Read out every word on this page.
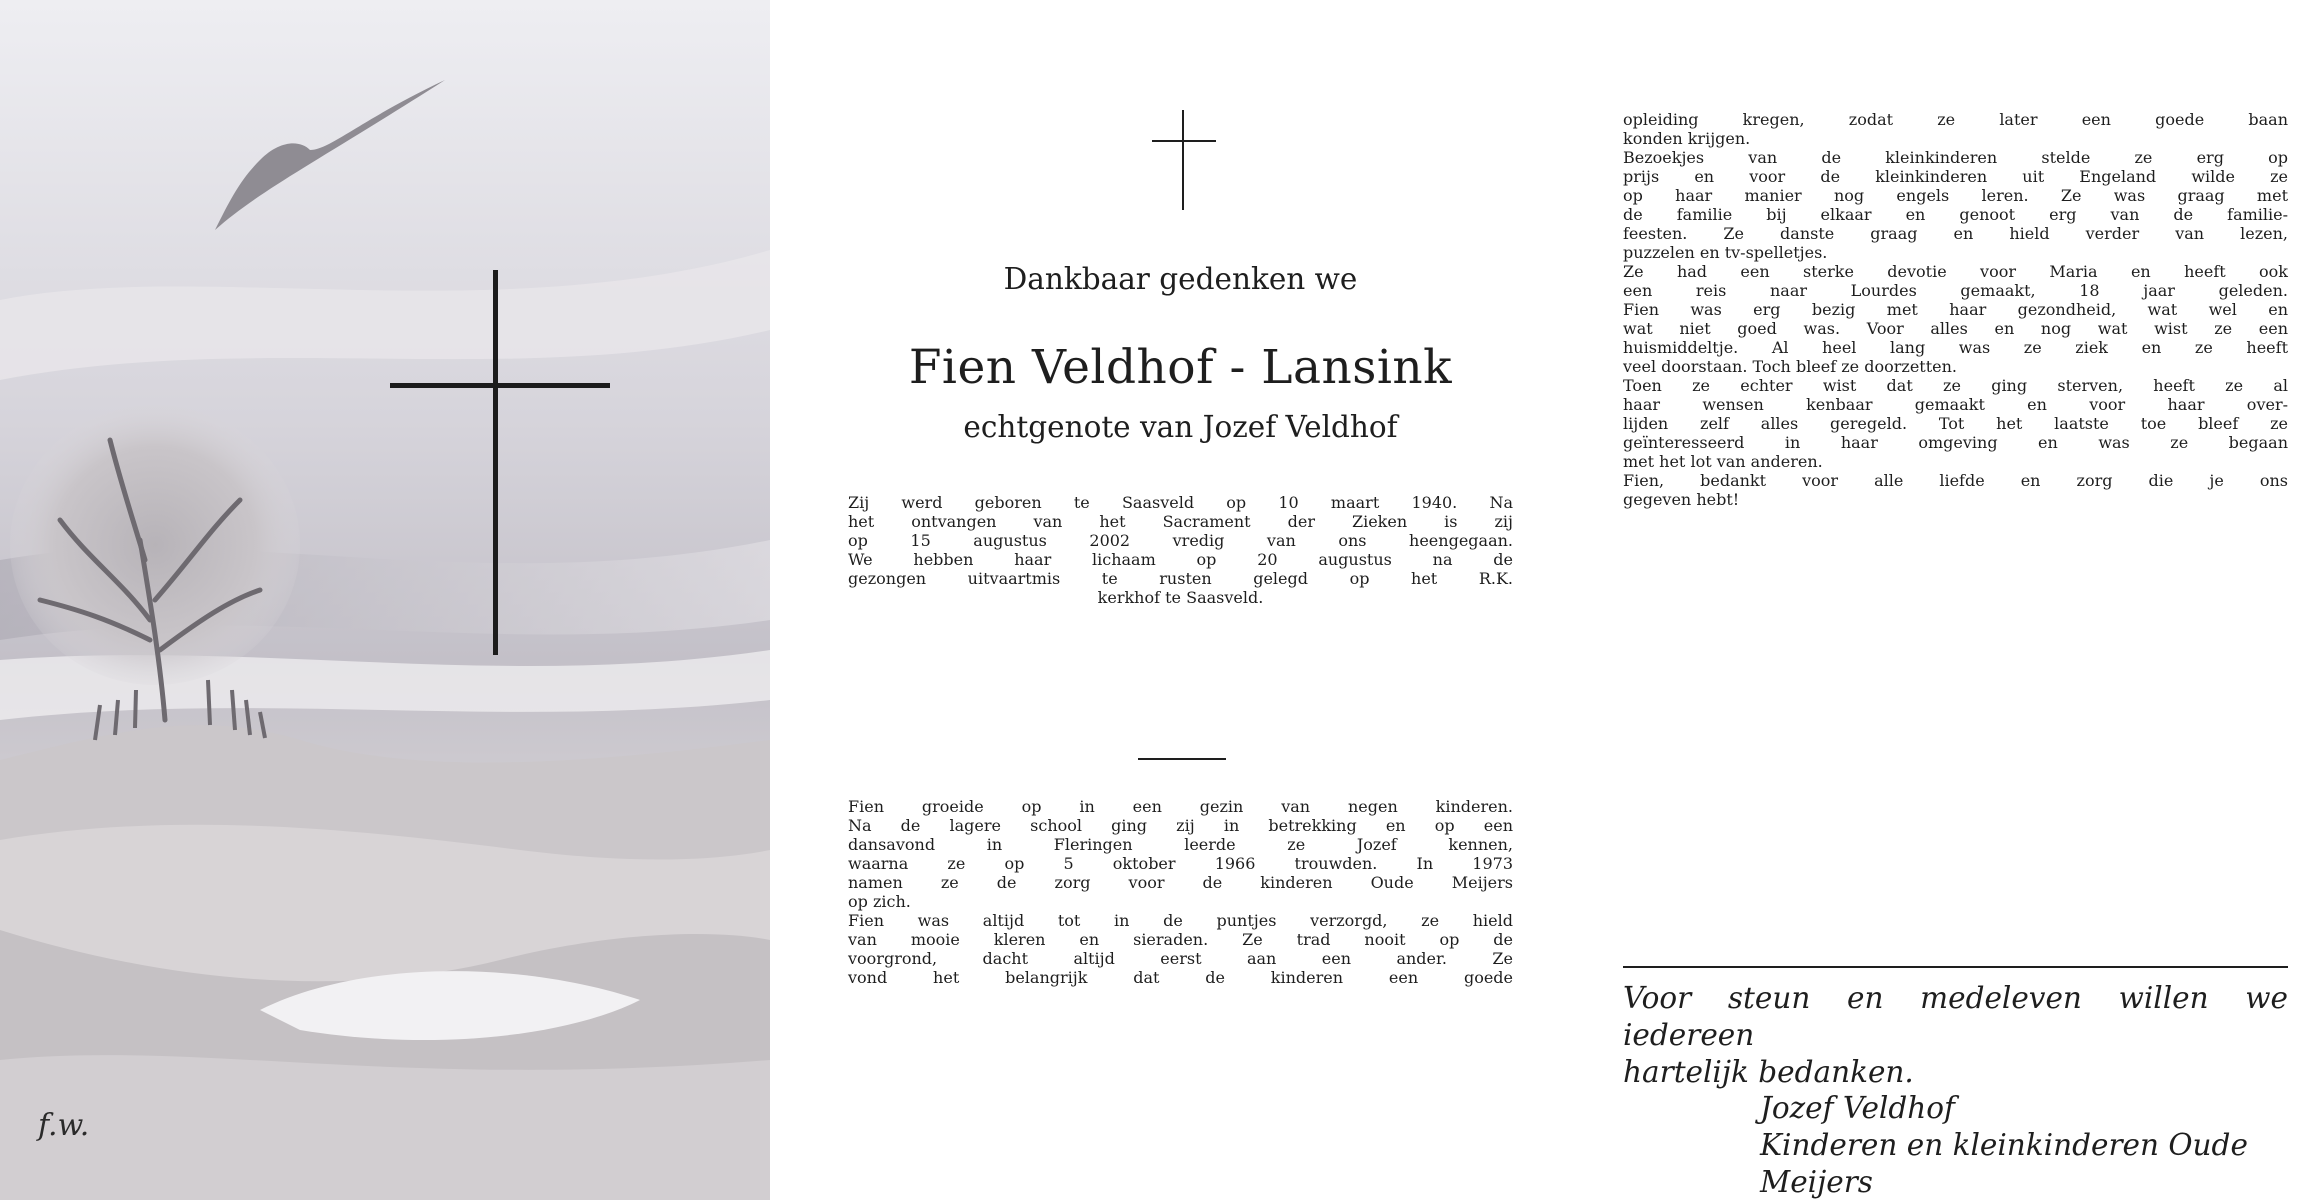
f.w.
Dankbaar gedenken we
Fien Veldhof - Lansink
echtgenote van Jozef Veldhof
Zij werd geboren te Saasveld op 10 maart 1940. Na
het ontvangen van het Sacrament der Zieken is zij
op 15 augustus 2002 vredig van ons heengegaan.
We hebben haar lichaam op 20 augustus na de
gezongen uitvaartmis te rusten gelegd op het R.K.
kerkhof te Saasveld.
Fien groeide op in een gezin van negen kinderen.
Na de lagere school ging zij in betrekking en op een
dansavond in Fleringen leerde ze Jozef kennen,
waarna ze op 5 oktober 1966 trouwden. In 1973
namen ze de zorg voor de kinderen Oude Meijers
op zich.
Fien was altijd tot in de puntjes verzorgd, ze hield
van mooie kleren en sieraden. Ze trad nooit op de
voorgrond, dacht altijd eerst aan een ander. Ze
vond het belangrijk dat de kinderen een goede
opleiding kregen, zodat ze later een goede baan
konden krijgen.
Bezoekjes van de kleinkinderen stelde ze erg op
prijs en voor de kleinkinderen uit Engeland wilde ze
op haar manier nog engels leren. Ze was graag met
de familie bij elkaar en genoot erg van de familie-
feesten. Ze danste graag en hield verder van lezen,
puzzelen en tv-spelletjes.
Ze had een sterke devotie voor Maria en heeft ook
een reis naar Lourdes gemaakt, 18 jaar geleden.
Fien was erg bezig met haar gezondheid, wat wel en
wat niet goed was. Voor alles en nog wat wist ze een
huismiddeltje. Al heel lang was ze ziek en ze heeft
veel doorstaan. Toch bleef ze doorzetten.
Toen ze echter wist dat ze ging sterven, heeft ze al
haar wensen kenbaar gemaakt en voor haar over-
lijden zelf alles geregeld. Tot het laatste toe bleef ze
geïnteresseerd in haar omgeving en was ze begaan
met het lot van anderen.
Fien, bedankt voor alle liefde en zorg die je ons
gegeven hebt!
Voor steun en medeleven willen we iedereen
hartelijk bedanken.
Jozef Veldhof
Kinderen en kleinkinderen Oude Meijers
